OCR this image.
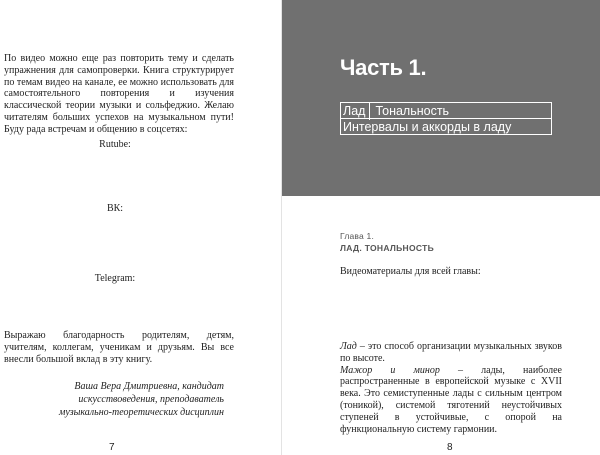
По видео можно еще раз повторить тему и сделать упражнения для самопроверки. Книга структурирует по темам видео на канале, ее можно использовать для самостоятельного повторения и изучения классической теории музыки и сольфеджио. Желаю читателям больших успехов на музыкальном пути! Буду рада встречам и общению в соцсетях:

Rutube:
ВК:
Telegram:

Выражаю благодарность родителям, детям, учителям, коллегам, ученикам и друзьям. Вы все внесли большой вклад в эту книгу.

Ваша Вера Дмитриевна, кандидат
искусствоведения, преподаватель
музыкально-теоретических дисциплин
7
Часть 1.
Лад Тональность
Интервалы и аккорды в ладу
Глава 1.
ЛАД. ТОНАЛЬНОСТЬ

Видеоматериалы для всей главы:

Лад – это способ организации музыкальных звуков по высоте.
Мажор и минор – лады, наиболее распространенные в европейской музыке с XVII века. Это семиступенные лады с сильным центром (тоникой), системой тяготений неустойчивых ступеней в устойчивые, с опорой на функциональную систему гармонии.
8
